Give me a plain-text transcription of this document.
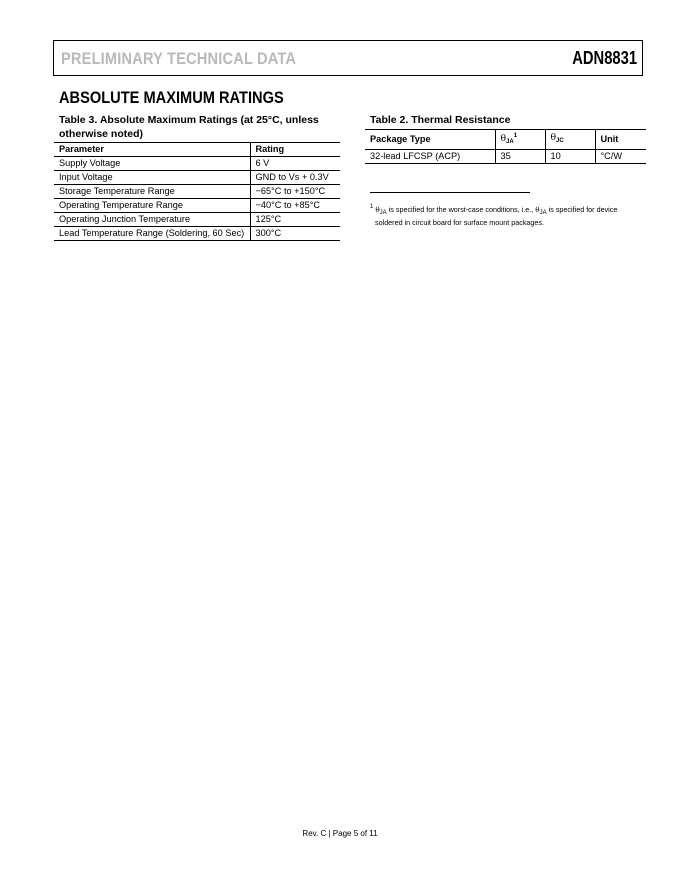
PRELIMINARY TECHNICAL DATA	ADN8831
ABSOLUTE MAXIMUM RATINGS
Table 3. Absolute Maximum Ratings (at 25°C, unless otherwise noted)
Parameter	Rating
Supply Voltage	6 V
Input Voltage	GND to Vs + 0.3V
Storage Temperature Range	−65°C to +150°C
Operating Temperature Range	−40°C to +85°C
Operating Junction Temperature	125°C
Lead Temperature Range (Soldering, 60 Sec)	300°C
Table 2. Thermal Resistance
Package Type	$\theta_{JA}^1$	$\theta_{JC}$	Unit
32-lead LFCSP (ACP)	35	10	°C/W
$^1$ $\theta_{JA}$ is specified for the worst-case conditions, i.e., $\theta_{JA}$ is specified for device
soldered in circuit board for surface mount packages.
Rev. C | Page 5 of 11
